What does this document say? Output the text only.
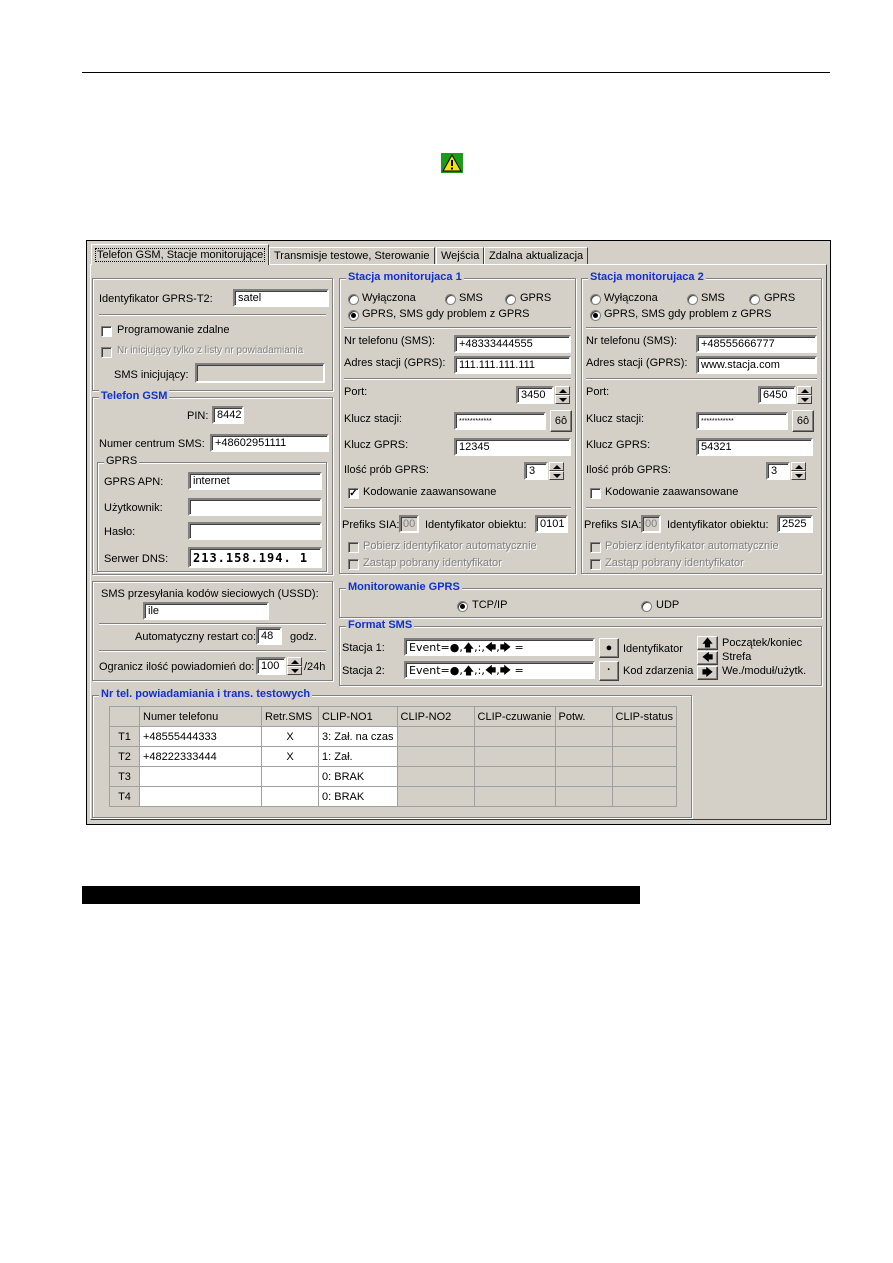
Telefon GSM, Stacje monitorujące Transmisje testowe, Sterowanie	Wejścia Zdalna aktualizacja
Identyfikator GPRS-T2:	satel
Programowanie zdalne
Nr inicjujący tylko z listy nr powiadamiania
SMS inicjujący:
Telefon GSM
PIN: 8442
Numer centrum SMS: +48602951111
GPRS
GPRS APN:	internet
Użytkownik:
Hasło:
Serwer DNS:	213.158.194. 1
SMS przesyłania kodów sieciowych (USSD):
ile
Automatyczny restart co: 48	godz.
Ogranicz ilość powiadomień do: 100	/24h
Stacja monitorujaca 1
Wyłączona	SMS	GPRS
GPRS, SMS gdy problem z GPRS
Nr telefonu (SMS):	+48333444555
Adres stacji (GPRS):	111.111.111.111
Port:	3450
Klucz stacji:	************	6ô
Klucz GPRS:	12345
Ilość prób GPRS:	3
✓ Kodowanie zaawansowane
Prefiks SIA: 00 Identyfikator obiektu:	0101
Pobierz identyfikator automatycznie
Zastąp pobrany identyfikator
Stacja monitorujaca 2
Wyłączona	SMS	GPRS
GPRS, SMS gdy problem z GPRS
Nr telefonu (SMS):	+48555666777
Adres stacji (GPRS):	www.stacja.com
Port:	6450
Klucz stacji:	************	6ô
Klucz GPRS:	54321
Ilość prób GPRS:	3
Kodowanie zaawansowane
Prefiks SIA: 00 Identyfikator obiektu:	2525
Pobierz identyfikator automatycznie
Zastąp pobrany identyfikator
Monitorowanie GPRS
TCP/IP	UDP
Format SMS
Stacja 1:	Event=●,🡅,:,🡄,🡆 =
Stacja 2:	Event=●,🡅,:,🡄,🡆 =
● Identyfikator
·	Kod zdarzenia
🡅 Początek/koniec
🡄 Strefa
🡆 We./moduł/użytk.
Nr tel. powiadamiania i trans. testowych
	Numer telefonu	Retr.SMS	CLIP-NO1	CLIP-NO2	CLIP-czuwanie	Potw.	CLIP-status
T1	+48555444333	X	3: Zał. na czas				
T2	+48222333444	X	1: Zał.				
T3			0: BRAK				
T4			0: BRAK				
